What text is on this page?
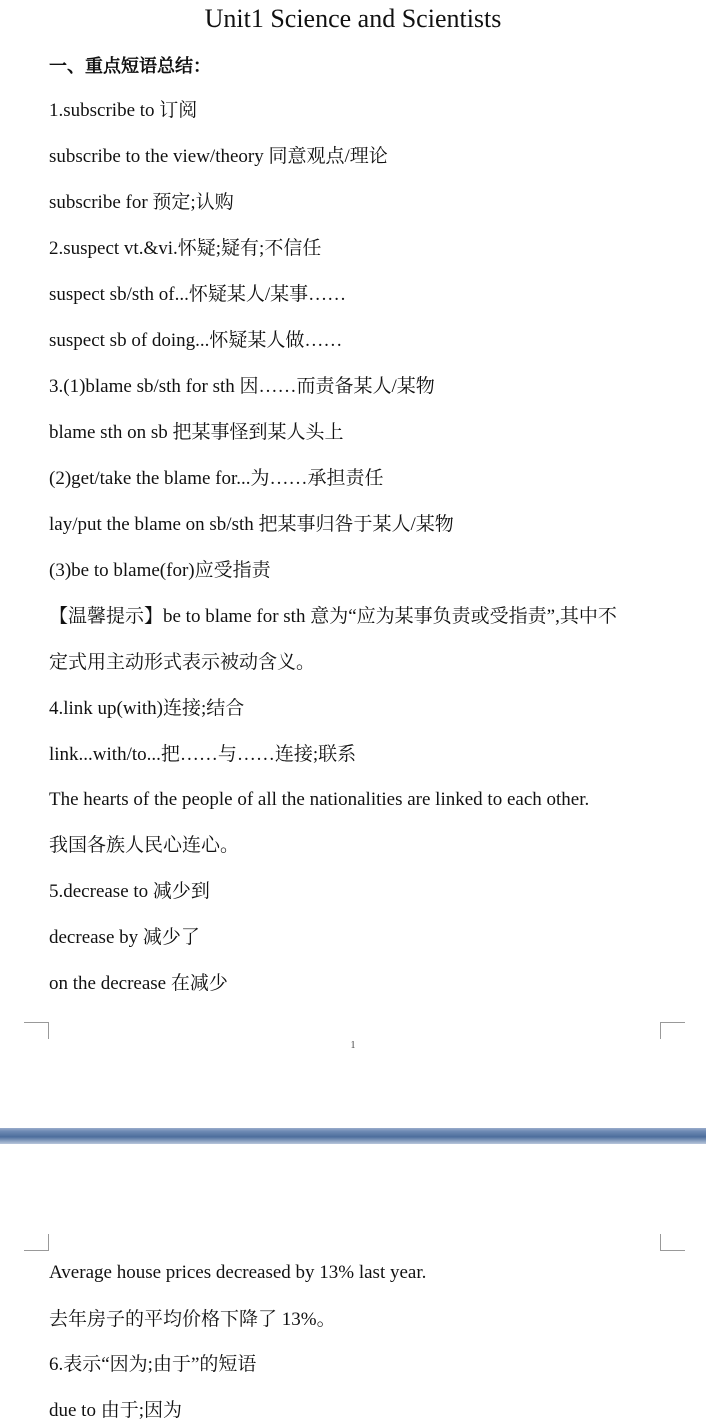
Unit1 Science and Scientists
一、重点短语总结：
1.subscribe to 订阅
subscribe to the view/theory 同意观点/理论
subscribe for 预定;认购
2.suspect vt.&vi.怀疑;疑有;不信任
suspect sb/sth of...怀疑某人/某事……
suspect sb of doing...怀疑某人做……
3.(1)blame sb/sth for sth 因……而责备某人/某物
blame sth on sb 把某事怪到某人头上
(2)get/take the blame for...为……承担责任
lay/put the blame on sb/sth 把某事归咎于某人/某物
(3)be to blame(for)应受指责
【温馨提示】be to blame for sth 意为“应为某事负责或受指责”,其中不
定式用主动形式表示被动含义。
4.link up(with)连接;结合
link...with/to...把……与……连接;联系
The hearts of the people of all the nationalities are linked to each other.
我国各族人民心连心。
5.decrease to 减少到
decrease by 减少了
on the decrease 在减少
1
Average house prices decreased by 13% last year.
去年房子的平均价格下降了 13%。
6.表示“因为;由于”的短语
due to 由于;因为
